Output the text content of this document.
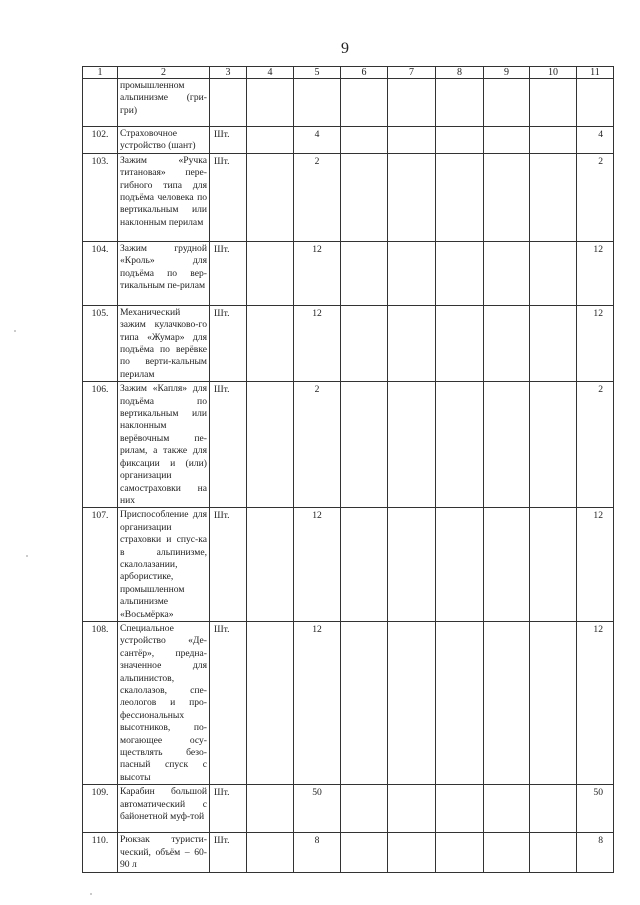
9
1	2	3	4	5	6	7	8	9	10	11
	промышленном альпинизме (гри-гри)									
102.	Страховочное устройство (шант)	Шт.		4						4
103.	Зажим «Ручка титановая» пере-гибного типа для подъёма человека по вертикальным или наклонным перилам	Шт.		2						2
104.	Зажим грудной «Кроль» для подъёма по вер-тикальным пе-рилам	Шт.		12						12
105.	Механический зажим кулачково-го типа «Жумар» для подъёма по верёвке по верти-кальным перилам	Шт.		12						12
106.	Зажим «Капля» для подъёма по вертикальным или наклонным верёвочным пе-рилам, а также для фиксации и (или) организации самостраховки на них	Шт.		2						2
107.	Приспособление для организации страховки и спус-ка в альпинизме, скалолазании, арбористике, промышленном альпинизме «Восьмёрка»	Шт.		12						12
108.	Специальное устройство «Де-сантёр», предна-значенное для альпинистов, скалолазов, спе-леологов и про-фессиональных высотников, по-могающее осу-ществлять безо-пасный спуск с высоты	Шт.		12						12
109.	Карабин большой автоматический с байонетной муф-той	Шт.		50						50
110.	Рюкзак туристи-ческий, объём – 60-90 л	Шт.		8						8
